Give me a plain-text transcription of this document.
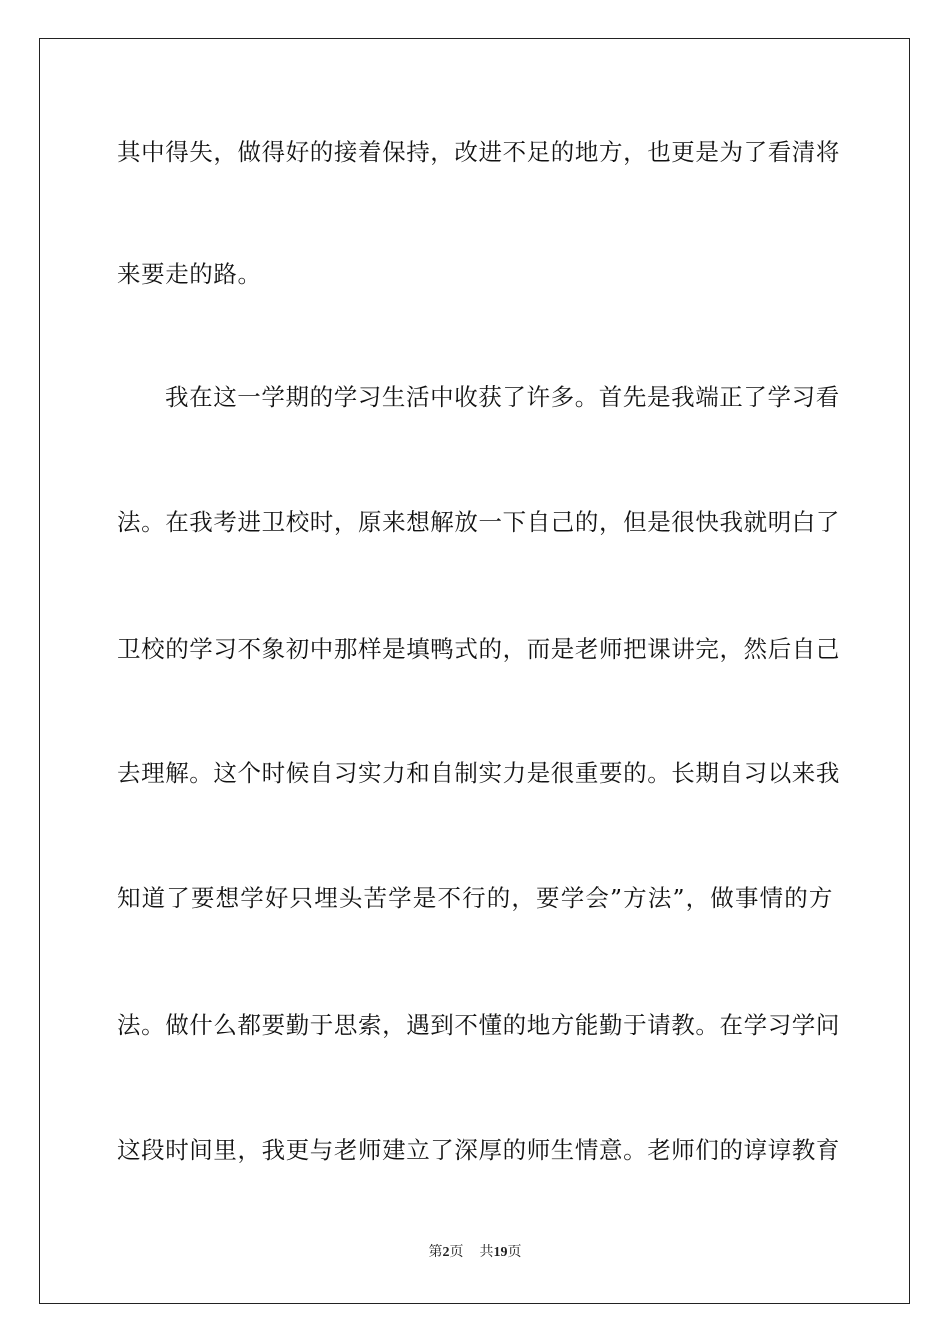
其中得失，做得好的接着保持，改进不足的地方，也更是为了看清将
来要走的路。
我在这一学期的学习生活中收获了许多。首先是我端正了学习看
法。在我考进卫校时，原来想解放一下自己的，但是很快我就明白了
卫校的学习不象初中那样是填鸭式的，而是老师把课讲完，然后自己
去理解。这个时候自习实力和自制实力是很重要的。长期自习以来我
知道了要想学好只埋头苦学是不行的，要学会”方法”，做事情的方
法。做什么都要勤于思索，遇到不懂的地方能勤于请教。在学习学问
这段时间里，我更与老师建立了深厚的师生情意。老师们的谆谆教育
第2页 共19页
